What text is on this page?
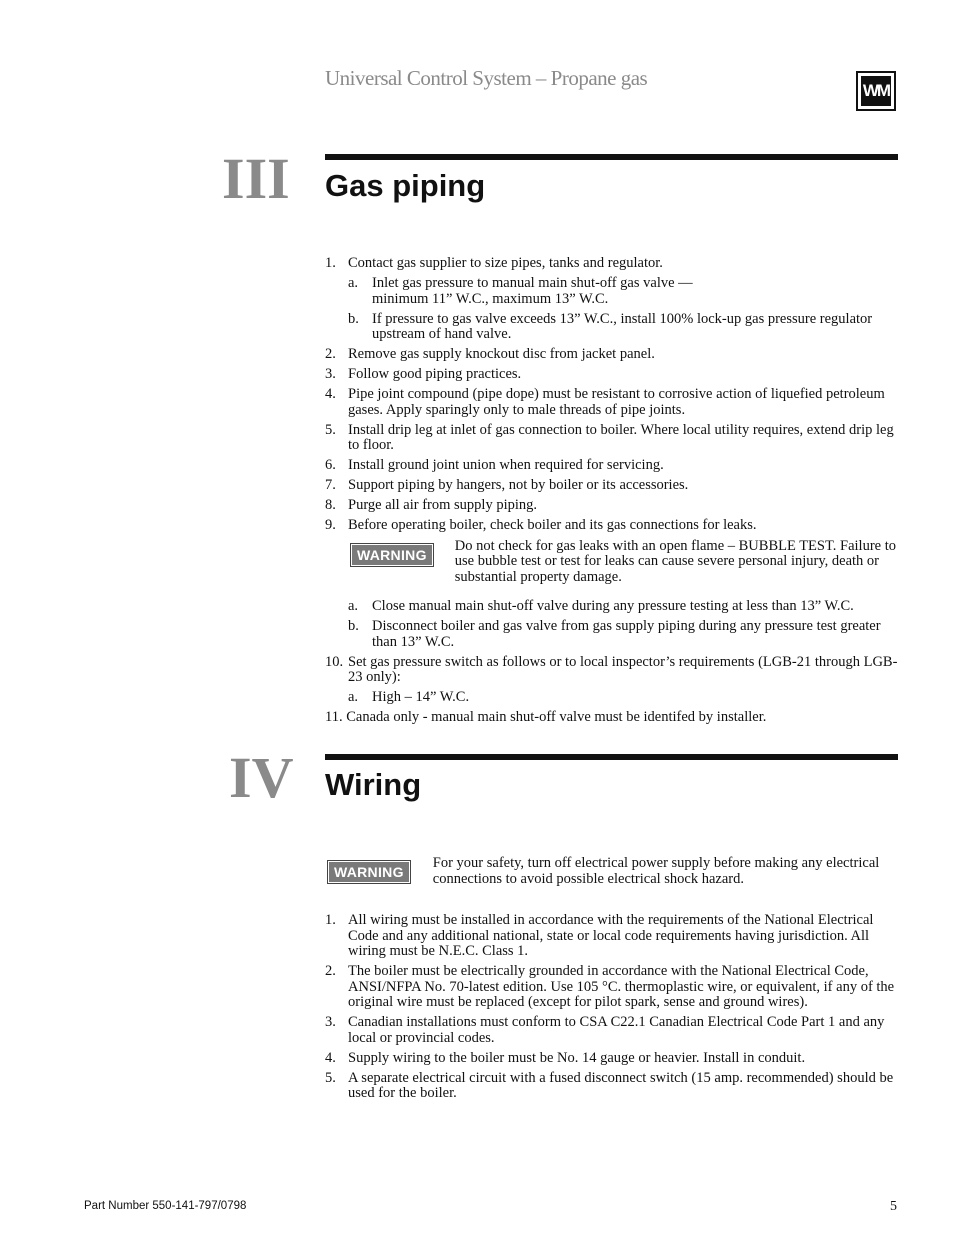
Universal Control System – Propane gas
WM
III Gas piping
1. Contact gas supplier to size pipes, tanks and regulator.
a. Inlet gas pressure to manual main shut-off gas valve —
minimum 11” W.C., maximum 13” W.C.
b. If pressure to gas valve exceeds 13” W.C., install 100% lock-up gas pressure regulator upstream of hand valve.
2. Remove gas supply knockout disc from jacket panel.
3. Follow good piping practices.
4. Pipe joint compound (pipe dope) must be resistant to corrosive action of liquefied petroleum gases. Apply sparingly only to male threads of pipe joints.
5. Install drip leg at inlet of gas connection to boiler. Where local utility requires, extend drip leg to floor.
6. Install ground joint union when required for servicing.
7. Support piping by hangers, not by boiler or its accessories.
8. Purge all air from supply piping.
9. Before operating boiler, check boiler and its gas connections for leaks.
WARNING
Do not check for gas leaks with an open flame – BUBBLE TEST. Failure to use bubble test or test for leaks can cause severe personal injury, death or substantial property damage.
a. Close manual main shut-off valve during any pressure testing at less than 13” W.C.
b. Disconnect boiler and gas valve from gas supply piping during any pressure test greater than 13” W.C.
10. Set gas pressure switch as follows or to local inspector’s requirements (LGB-21 through LGB-23 only):
a. High – 14” W.C.
11. Canada only - manual main shut-off valve must be identifed by installer.
IV Wiring
WARNING
For your safety, turn off electrical power supply before making any electrical connections to avoid possible electrical shock hazard.
1. All wiring must be installed in accordance with the requirements of the National Electrical Code and any additional national, state or local code requirements having jurisdiction. All wiring must be N.E.C. Class 1.
2. The boiler must be electrically grounded in accordance with the National Electrical Code, ANSI/NFPA No. 70-latest edition. Use 105 °C. thermoplastic wire, or equivalent, if any of the original wire must be replaced (except for pilot spark, sense and ground wires).
3. Canadian installations must conform to CSA C22.1 Canadian Electrical Code Part 1 and any local or provincial codes.
4. Supply wiring to the boiler must be No. 14 gauge or heavier. Install in conduit.
5. A separate electrical circuit with a fused disconnect switch (15 amp. recommended) should be used for the boiler.
Part Number 550-141-797/0798	5
